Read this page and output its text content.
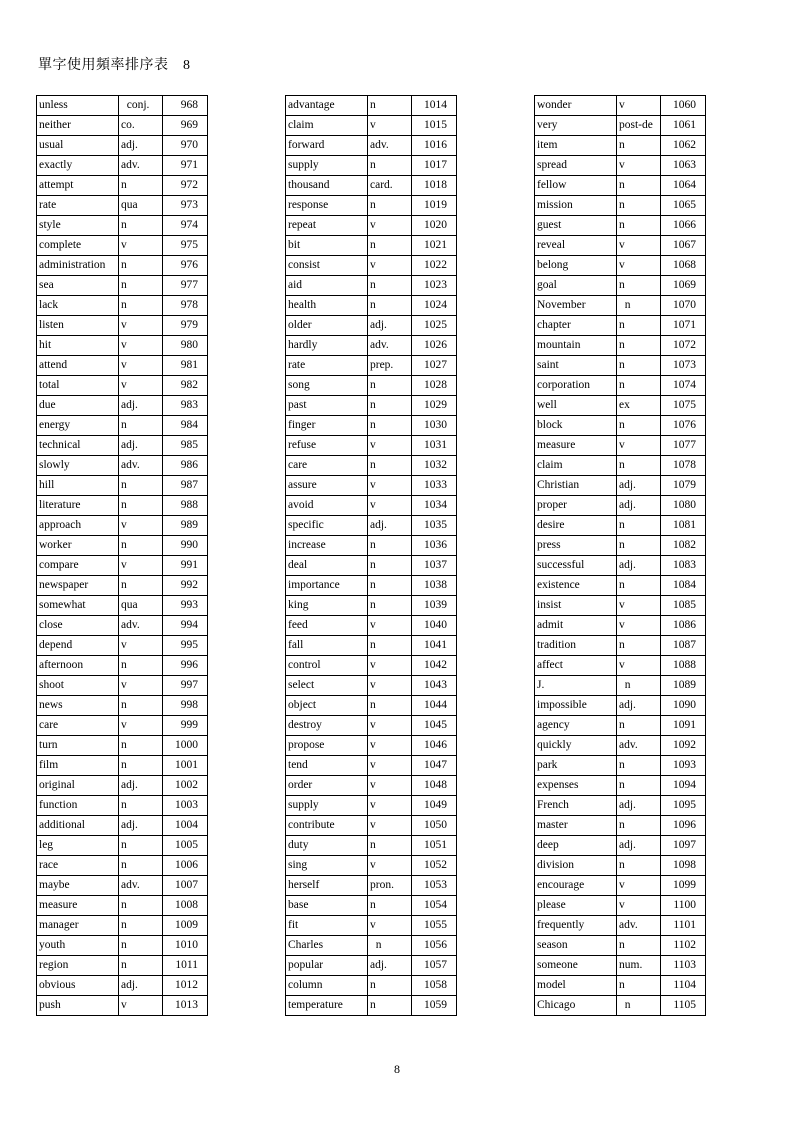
單字使用頻率排序表　8
unless	conj.	968
neither	co.	969
usual	adj.	970
exactly	adv.	971
attempt	n	972
rate	qua	973
style	n	974
complete	v	975
administration	n	976
sea	n	977
lack	n	978
listen	v	979
hit	v	980
attend	v	981
total	v	982
due	adj.	983
energy	n	984
technical	adj.	985
slowly	adv.	986
hill	n	987
literature	n	988
approach	v	989
worker	n	990
compare	v	991
newspaper	n	992
somewhat	qua	993
close	adv.	994
depend	v	995
afternoon	n	996
shoot	v	997
news	n	998
care	v	999
turn	n	1000
film	n	1001
original	adj.	1002
function	n	1003
additional	adj.	1004
leg	n	1005
race	n	1006
maybe	adv.	1007
measure	n	1008
manager	n	1009
youth	n	1010
region	n	1011
obvious	adj.	1012
push	v	1013
advantage	n	1014
claim	v	1015
forward	adv.	1016
supply	n	1017
thousand	card.	1018
response	n	1019
repeat	v	1020
bit	n	1021
consist	v	1022
aid	n	1023
health	n	1024
older	adj.	1025
hardly	adv.	1026
rate	prep.	1027
song	n	1028
past	n	1029
finger	n	1030
refuse	v	1031
care	n	1032
assure	v	1033
avoid	v	1034
specific	adj.	1035
increase	n	1036
deal	n	1037
importance	n	1038
king	n	1039
feed	v	1040
fall	n	1041
control	v	1042
select	v	1043
object	n	1044
destroy	v	1045
propose	v	1046
tend	v	1047
order	v	1048
supply	v	1049
contribute	v	1050
duty	n	1051
sing	v	1052
herself	pron.	1053
base	n	1054
fit	v	1055
Charles	n	1056
popular	adj.	1057
column	n	1058
temperature	n	1059
wonder	v	1060
very	post-de	1061
item	n	1062
spread	v	1063
fellow	n	1064
mission	n	1065
guest	n	1066
reveal	v	1067
belong	v	1068
goal	n	1069
November	n	1070
chapter	n	1071
mountain	n	1072
saint	n	1073
corporation	n	1074
well	ex	1075
block	n	1076
measure	v	1077
claim	n	1078
Christian	adj.	1079
proper	adj.	1080
desire	n	1081
press	n	1082
successful	adj.	1083
existence	n	1084
insist	v	1085
admit	v	1086
tradition	n	1087
affect	v	1088
J.	n	1089
impossible	adj.	1090
agency	n	1091
quickly	adv.	1092
park	n	1093
expenses	n	1094
French	adj.	1095
master	n	1096
deep	adj.	1097
division	n	1098
encourage	v	1099
please	v	1100
frequently	adv.	1101
season	n	1102
someone	num.	1103
model	n	1104
Chicago	n	1105
8
